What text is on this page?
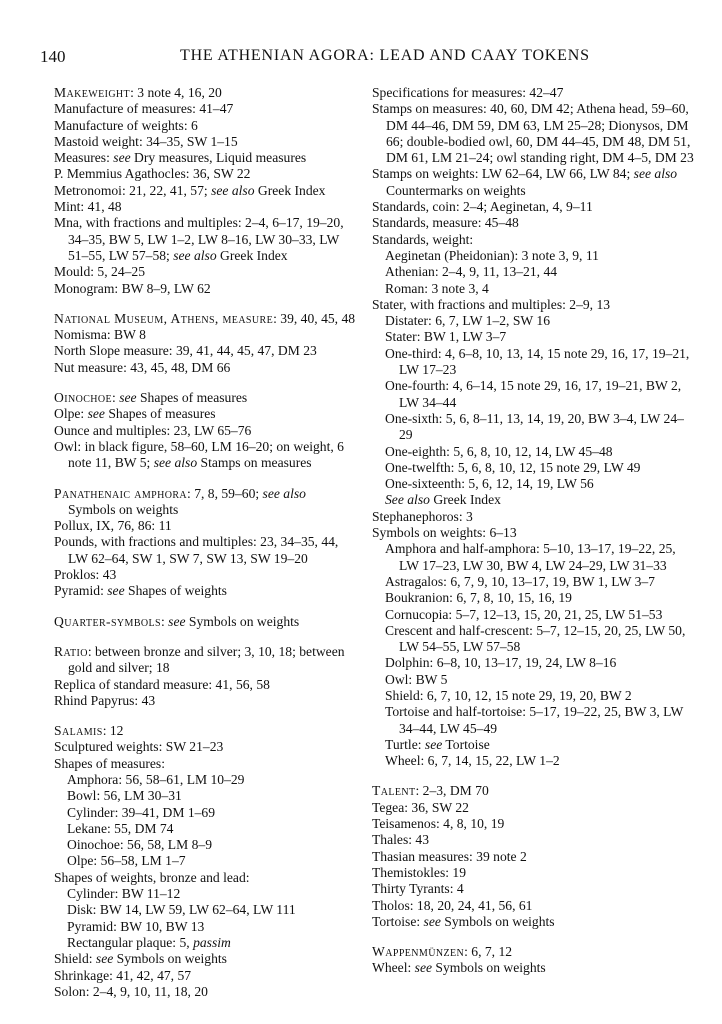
140	THE ATHENIAN AGORA: LEAD AND CAAY TOKENS
Makeweight: 3 note 4, 16, 20
Manufacture of measures: 41–47
Manufacture of weights: 6
Mastoid weight: 34–35, SW 1–15
Measures: see Dry measures, Liquid measures
P. Memmius Agathocles: 36, SW 22
Metronomoi: 21, 22, 41, 57; see also Greek Index
Mint: 41, 48
Mna, with fractions and multiples: 2–4, 6–17, 19–20, 34–35, BW 5, LW 1–2, LW 8–16, LW 30–33, LW 51–55, LW 57–58; see also Greek Index
Mould: 5, 24–25
Monogram: BW 8–9, LW 62
National Museum, Athens, measure: 39, 40, 45, 48
Nomisma: BW 8
North Slope measure: 39, 41, 44, 45, 47, DM 23
Nut measure: 43, 45, 48, DM 66
Oinochoe: see Shapes of measures
Olpe: see Shapes of measures
Ounce and multiples: 23, LW 65–76
Owl: in black figure, 58–60, LM 16–20; on weight, 6 note 11, BW 5; see also Stamps on measures
Panathenaic amphora: 7, 8, 59–60; see also Symbols on weights
Pollux, IX, 76, 86: 11
Pounds, with fractions and multiples: 23, 34–35, 44, LW 62–64, SW 1, SW 7, SW 13, SW 19–20
Proklos: 43
Pyramid: see Shapes of weights
Quarter-symbols: see Symbols on weights
Ratio: between bronze and silver; 3, 10, 18; between gold and silver; 18
Replica of standard measure: 41, 56, 58
Rhind Papyrus: 43
Salamis: 12
Sculptured weights: SW 21–23
Shapes of measures:
Amphora: 56, 58–61, LM 10–29
Bowl: 56, LM 30–31
Cylinder: 39–41, DM 1–69
Lekane: 55, DM 74
Oinochoe: 56, 58, LM 8–9
Olpe: 56–58, LM 1–7
Shapes of weights, bronze and lead:
Cylinder: BW 11–12
Disk: BW 14, LW 59, LW 62–64, LW 111
Pyramid: BW 10, BW 13
Rectangular plaque: 5, passim
Shield: see Symbols on weights
Shrinkage: 41, 42, 47, 57
Solon: 2–4, 9, 10, 11, 18, 20
Specifications for measures: 42–47
Stamps on measures: 40, 60, DM 42; Athena head, 59–60, DM 44–46, DM 59, DM 63, LM 25–28; Dionysos, DM 66; double-bodied owl, 60, DM 44–45, DM 48, DM 51, DM 61, LM 21–24; owl standing right, DM 4–5, DM 23
Stamps on weights: LW 62–64, LW 66, LW 84; see also Countermarks on weights
Standards, coin: 2–4; Aeginetan, 4, 9–11
Standards, measure: 45–48
Standards, weight:
Aeginetan (Pheidonian): 3 note 3, 9, 11
Athenian: 2–4, 9, 11, 13–21, 44
Roman: 3 note 3, 4
Stater, with fractions and multiples: 2–9, 13
Distater: 6, 7, LW 1–2, SW 16
Stater: BW 1, LW 3–7
One-third: 4, 6–8, 10, 13, 14, 15 note 29, 16, 17, 19–21, LW 17–23
One-fourth: 4, 6–14, 15 note 29, 16, 17, 19–21, BW 2, LW 34–44
One-sixth: 5, 6, 8–11, 13, 14, 19, 20, BW 3–4, LW 24–29
One-eighth: 5, 6, 8, 10, 12, 14, LW 45–48
One-twelfth: 5, 6, 8, 10, 12, 15 note 29, LW 49
One-sixteenth: 5, 6, 12, 14, 19, LW 56
See also Greek Index
Stephanephoros: 3
Symbols on weights: 6–13
Amphora and half-amphora: 5–10, 13–17, 19–22, 25, LW 17–23, LW 30, BW 4, LW 24–29, LW 31–33
Astragalos: 6, 7, 9, 10, 13–17, 19, BW 1, LW 3–7
Boukranion: 6, 7, 8, 10, 15, 16, 19
Cornucopia: 5–7, 12–13, 15, 20, 21, 25, LW 51–53
Crescent and half-crescent: 5–7, 12–15, 20, 25, LW 50, LW 54–55, LW 57–58
Dolphin: 6–8, 10, 13–17, 19, 24, LW 8–16
Owl: BW 5
Shield: 6, 7, 10, 12, 15 note 29, 19, 20, BW 2
Tortoise and half-tortoise: 5–17, 19–22, 25, BW 3, LW 34–44, LW 45–49
Turtle: see Tortoise
Wheel: 6, 7, 14, 15, 22, LW 1–2
Talent: 2–3, DM 70
Tegea: 36, SW 22
Teisamenos: 4, 8, 10, 19
Thales: 43
Thasian measures: 39 note 2
Themistokles: 19
Thirty Tyrants: 4
Tholos: 18, 20, 24, 41, 56, 61
Tortoise: see Symbols on weights
Wappenmünzen: 6, 7, 12
Wheel: see Symbols on weights
